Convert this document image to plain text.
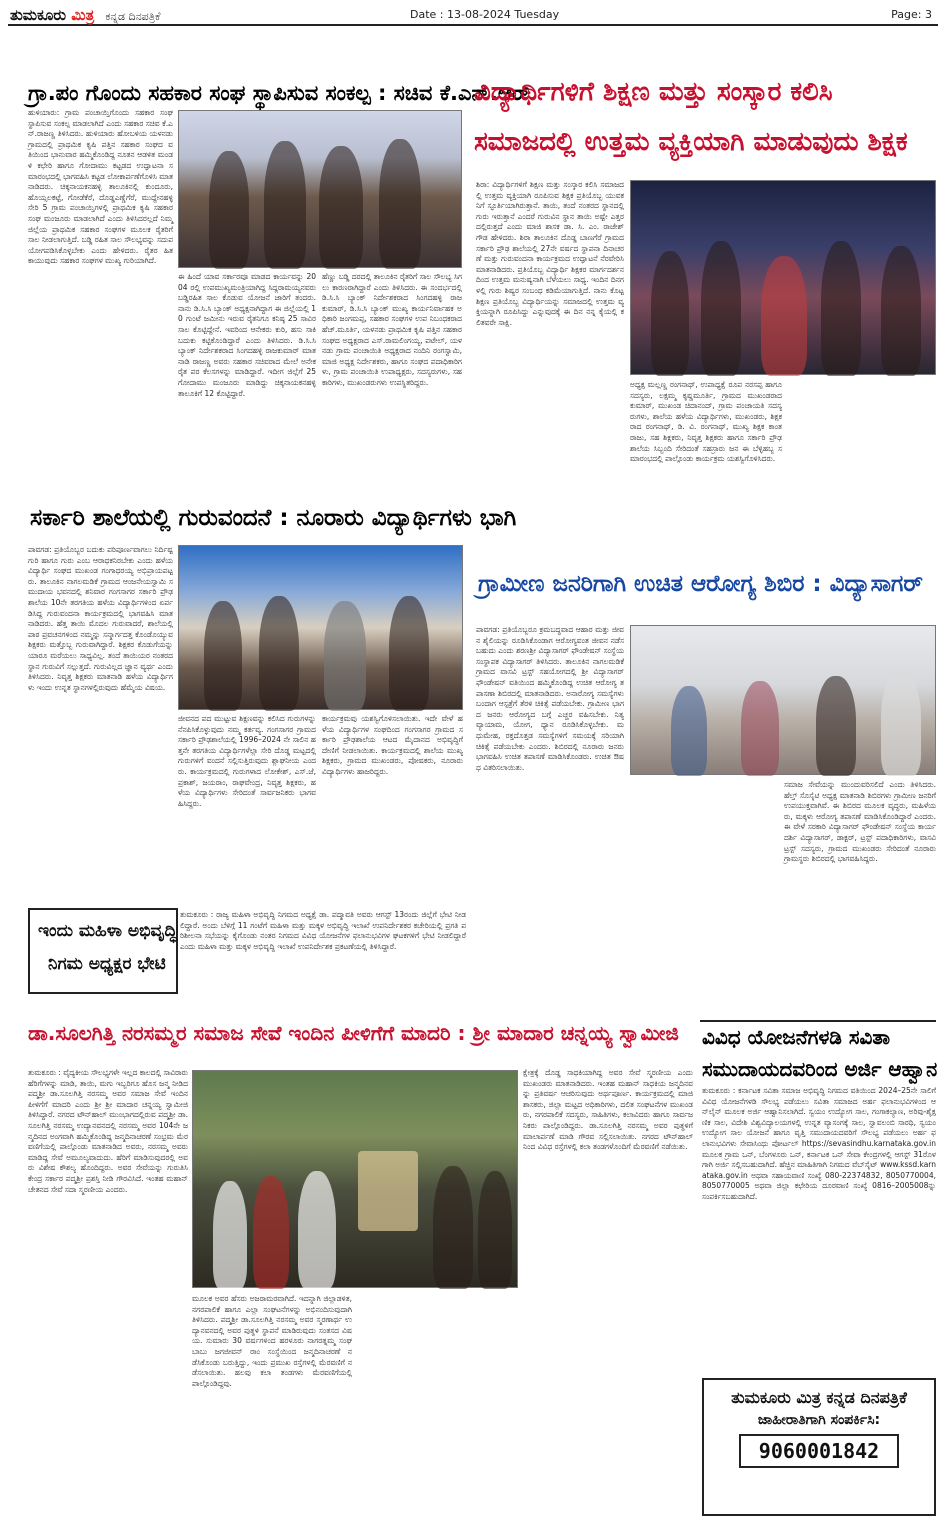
ತುಮಕೂರು ಮಿತ್ರ ಕನ್ನಡ ದಿನಪತ್ರಿಕೆ	Date : 13-08-2024 Tuesday	Page: 3
ಗ್ರಾ.ಪಂ ಗೊಂದು ಸಹಕಾರ ಸಂಘ ಸ್ಥಾಪಿಸುವ ಸಂಕಲ್ಪ : ಸಚಿವ ಕೆ.ಎನ್.ಆರ್
ಹುಳಿಯಾರು: ಗ್ರಾಮ ಪಂಚಾಯ್ತಿಗೊಂದು ಸಹಕಾರ ಸಂಘ ಸ್ಥಾಪಿಸುವ ಸಂಕಲ್ಪ ಮಾಡಲಾಗಿದೆ ಎಂದು ಸಹಕಾರ ಸಚಿವ ಕೆ.ಎನ್.ರಾಜಣ್ಣ ತಿಳಿಸಿದರು. ಹುಳಿಯಾರು ಹೋಬಳಿಯ ಯಳನಡು ಗ್ರಾಮದಲ್ಲಿ ಪ್ರಾಥಮಿಕ ಕೃಷಿ ಪತ್ತಿನ ಸಹಕಾರ ಸಂಘದ ವತಿಯಿಂದ ಭಾನುವಾರ ಹಮ್ಮಿಕೊಂಡಿದ್ದ ನೂತನ ಆಡಳಿತ ಮಂಡಳಿ ಕಛೇರಿ ಹಾಗೂ ಗೋದಾಮು ಕಟ್ಟಡದ ಉದ್ಘಾಟನಾ ಸಮಾರಂಭದಲ್ಲಿ ಭಾಗವಹಿಸಿ ಕಟ್ಟಡ ಲೋಕಾರ್ಪಣೆಗೊಳಿಸಿ ಮಾತನಾಡಿದರು. ಚಿಕ್ಕನಾಯಕನಹಳ್ಳಿ ತಾಲೂಕಿನಲ್ಲಿ ಕುಂದೂರು, ಹೊಯ್ಸಲಕಟ್ಟೆ, ಗೋಡೆಕೆರೆ, ದೊಡ್ಡಎಣ್ಣೆಗೆರೆ, ಮುದ್ದೇನಹಳ್ಳಿ ಸೇರಿ 5 ಗ್ರಾಮ ಪಂಚಾಯ್ತಿಗಳಲ್ಲಿ ಪ್ರಾಥಮಿಕ ಕೃಷಿ ಸಹಕಾರ ಸಂಘ ಮಂಜೂರು ಮಾಡಲಾಗಿದೆ ಎಂದು ತಿಳಿಸಿದರಲ್ಲದೆ ನಿಮ್ಮ ಜಿಲ್ಲೆಯ ಪ್ರಾಥಮಿಕ ಸಹಕಾರ ಸಂಘಗಳ ಮೂಲಕ ರೈತರಿಗೆ ಸಾಲ ನೀಡಲಾಗುತ್ತಿದೆ. ಬಡ್ಡಿ ರಹಿತ ಸಾಲ ಸೌಲಭ್ಯವನ್ನು ಸದುಪಯೋಗಪಡಿಸಿಕೊಳ್ಳಬೇಕು ಎಂದು ಹೇಳಿದರು. ರೈತರ ಹಿತ ಕಾಯುವುದು ಸಹಕಾರ ಸಂಘಗಳ ಮುಖ್ಯ ಗುರಿಯಾಗಿದೆ.
ಈ ಹಿಂದೆ ಯಾವ ಸರ್ಕಾರವೂ ಮಾಡದ ಕಾರ್ಯವನ್ನು 2004 ರಲ್ಲಿ ಉಪಮುಖ್ಯಮಂತ್ರಿಯಾಗಿದ್ದ ಸಿದ್ದರಾಮಯ್ಯನವರು ಬಡ್ಡಿರಹಿತ ಸಾಲ ಕೊಡುವ ಯೋಜನೆ ಜಾರಿಗೆ ತಂದರು. ನಾನು ಡಿ.ಸಿ.ಸಿ ಬ್ಯಾಂಕ್ ಅಧ್ಯಕ್ಷನಾಗಿದ್ದಾಗ ಈ ಜಿಲ್ಲೆಯಲ್ಲಿ 10 ಗುಂಟೆ ಜಮೀನು ಇರುವ ರೈತನಿಗೂ ಕನಿಷ್ಠ 25 ಸಾವಿರ ಸಾಲ ಕೊಟ್ಟಿದ್ದೇನೆ. ಇವರಿಂದ ಆನೇಕರು ಕುರಿ, ಹಸು ಸಾಕಿ ಬದುಕು ಕಟ್ಟಿಕೊಂಡಿದ್ದಾರೆ ಎಂದು ತಿಳಿಸಿದರು. ಡಿ.ಸಿ.ಸಿ ಬ್ಯಾಂಕ್ ನಿರ್ದೇಶಕರಾದ ಸಿಂಗದಹಳ್ಳಿ ರಾಜಕುಮಾರ್ ಮಾತನಾಡಿ ರಾಜಣ್ಣ ಅವರು ಸಹಕಾರ ಸಚಿವರಾದ ಮೇಲೆ ಅನೇಕ ರೈತ ಪರ ಕೆಲಸಗಳನ್ನು ಮಾಡಿದ್ದಾರೆ. ಇದೀಗ ಜಿಲ್ಲೆಗೆ 25 ಗೋದಾಮು ಮಂಜೂರು ಮಾಡಿದ್ದು ಚಿಕ್ಕನಾಯಕನಹಳ್ಳಿ ತಾಲೂಕಿಗೆ 12 ಕೊಟ್ಟಿದ್ದಾರೆ.
ಹೆಣ್ಣು ಬಡ್ಡಿ ದರದಲ್ಲಿ ತಾಲೂಕಿನ ರೈತರಿಗೆ ಸಾಲ ಸೌಲಭ್ಯ ಸಿಗಲು ಕಾರಣರಾಗಿದ್ದಾರೆ ಎಂದು ತಿಳಿಸಿದರು. ಈ ಸಂದರ್ಭದಲ್ಲಿ ಡಿ.ಸಿ.ಸಿ ಬ್ಯಾಂಕ್ ನಿರ್ದೇಶಕರಾದ ಸಿಂಗದಹಳ್ಳಿ ರಾಜಕುಮಾರ್, ಡಿ.ಸಿ.ಸಿ ಬ್ಯಾಂಕ್ ಮುಖ್ಯ ಕಾರ್ಯನಿರ್ವಾಹಕ ಅಧಿಕಾರಿ ಜಂಗಮಪ್ಪ, ಸಹಕಾರ ಸಂಘಗಳ ಉಪ ನಿಬಂಧಕರಾದ ಹೆಚ್.ಮೂರ್ತಿ, ಯಳನಡು ಪ್ರಾಥಮಿಕ ಕೃಷಿ ಪತ್ತಿನ ಸಹಕಾರ ಸಂಘದ ಅಧ್ಯಕ್ಷರಾದ ಎಸ್.ರಾಮಲಿಂಗಯ್ಯ, ಪಟೇಲ್, ಯಳನಡು ಗ್ರಾಮ ಪಂಚಾಯಿತಿ ಅಧ್ಯಕ್ಷರಾದ ನಂದಿನಿ ರಂಗಸ್ವಾಮಿ, ಮಾಜಿ ಅಧ್ಯಕ್ಷ ನಿರ್ದೇಶಕರು, ಹಾಗೂ ಸಂಘದ ಪದಾಧಿಕಾರಿಗಳು, ಗ್ರಾಮ ಪಂಚಾಯಿತಿ ಉಪಾಧ್ಯಕ್ಷರು, ಸದಸ್ಯರುಗಳು, ಸಹಕಾರಿಗಳು, ಮುಖಂಡರುಗಳು ಉಪಸ್ಥಿತರಿದ್ದರು.
ವಿದ್ಯಾರ್ಥಿಗಳಿಗೆ ಶಿಕ್ಷಣ ಮತ್ತು ಸಂಸ್ಕಾರ ಕಲಿಸಿ
ಸಮಾಜದಲ್ಲಿ ಉತ್ತಮ ವ್ಯಕ್ತಿಯಾಗಿ ಮಾಡುವುದು ಶಿಕ್ಷಕ
ಶಿರಾ: ವಿದ್ಯಾರ್ಥಿಗಳಿಗೆ ಶಿಕ್ಷಣ ಮತ್ತು ಸಂಸ್ಕಾರ ಕಲಿಸಿ ಸಮಾಜದಲ್ಲಿ ಉತ್ತಮ ವ್ಯಕ್ತಿಯಾಗಿ ರೂಪಿಸುವ ಶಿಕ್ಷಕ ಪ್ರತಿಯೊಬ್ಬ ಯುವಕನಿಗೆ ಸ್ಫೂರ್ತಿಯಾಗಿರುತ್ತಾನೆ. ತಾಯಿ, ತಂದೆ ನಂತರದ ಸ್ಥಾನದಲ್ಲಿ ಗುರು ಇರುತ್ತಾನೆ ಎಂದರೆ ಗುರುವಿನ ಸ್ಥಾನ ತಾಯಿ ಅಷ್ಟೇ ಎತ್ತರದಲ್ಲಿರುತ್ತದೆ ಎಂದು ಮಾಜಿ ಶಾಸಕ ಡಾ. ಸಿ. ಎಂ. ರಾಜೇಶ್ ಗೌಡ ಹೇಳಿದರು. ಶಿರಾ ತಾಲೂಕಿನ ದೊಡ್ಡ ಬಾಣಗೆರೆ ಗ್ರಾಮದ ಸರ್ಕಾರಿ ಪ್ರೌಢ ಶಾಲೆಯಲ್ಲಿ 27ನೇ ವರ್ಷದ ಸ್ಥಾಪನಾ ದಿನಾಚರಣೆ ಮತ್ತು ಗುರುವಂದನಾ ಕಾರ್ಯಕ್ರಮದ ಉದ್ಘಾಟನೆ ನೆರವೇರಿಸಿ ಮಾತನಾಡಿದರು. ಪ್ರತಿಯೊಬ್ಬ ವಿದ್ಯಾರ್ಥಿ ಶಿಕ್ಷಕರ ಮಾರ್ಗದರ್ಶನದಿಂದ ಉತ್ತಮ ಮನುಷ್ಯನಾಗಿ ಬೆಳೆಯಲು ಸಾಧ್ಯ. ಇಂದಿನ ದಿನಗಳಲ್ಲಿ ಗುರು ಶಿಷ್ಯರ ಸಂಬಂಧ ಕಡಿಮೆಯಾಗುತ್ತಿದೆ. ನಾನು ಕೊಟ್ಟ ಶಿಕ್ಷಣ ಪ್ರತಿಯೊಬ್ಬ ವಿದ್ಯಾರ್ಥಿಯನ್ನು ಸಮಾಜದಲ್ಲಿ ಉತ್ತಮ ವ್ಯಕ್ತಿಯನ್ನಾಗಿ ರೂಪಿಸಿದ್ದು ಎನ್ನುವುದಕ್ಕೆ ಈ ದಿನ ನನ್ನ ಕೈಯಲ್ಲಿ ಕಲಿತವರೇ ಸಾಕ್ಷಿ.
ಅಧ್ಯಕ್ಷ ಮಲ್ಲಣ್ಣ ರಂಗನಾಥ್, ಉಪಾಧ್ಯಕ್ಷೆ ರೂಪ ನರಸಪ್ಪ ಹಾಗೂ ಸದಸ್ಯರು, ಲಕ್ಷಮ್ಮ ಕೃಷ್ಣಮೂರ್ತಿ, ಗ್ರಾಮದ ಮುಖಂಡರಾದ ಕುಮಾರ್, ಮುಖಂಡ ಚಿದಾನಂದ್, ಗ್ರಾಮ ಪಂಚಾಯತಿ ಸದಸ್ಯರುಗಳು, ಶಾಲೆಯ ಹಳೆಯ ವಿದ್ಯಾರ್ಥಿಗಳು, ಮುಖಂಡರು, ಶಿಕ್ಷಕರಾದ ರಂಗನಾಥ್, ಡಿ. ವಿ. ರಂಗನಾಥ್, ಮುಖ್ಯ ಶಿಕ್ಷಕ ಕಾಂತರಾಜು, ಸಹ ಶಿಕ್ಷಕರು, ನಿವೃತ್ತ ಶಿಕ್ಷಕರು ಹಾಗೂ ಸರ್ಕಾರಿ ಪ್ರೌಢಶಾಲೆಯ ಸಿಬ್ಬಂದಿ ಸೇರಿದಂತೆ ಸಹಸ್ರಾರು ಜನ ಈ ಬೆಳ್ಳಿಹಬ್ಬ ಸಮಾರಂಭದಲ್ಲಿ ಪಾಲ್ಗೊಂಡು ಕಾರ್ಯಕ್ರಮ ಯಶಸ್ವಿಗೊಳಿಸಿದರು.
ಸರ್ಕಾರಿ ಶಾಲೆಯಲ್ಲಿ ಗುರುವಂದನೆ : ನೂರಾರು ವಿದ್ಯಾರ್ಥಿಗಳು ಭಾಗಿ
ಪಾವಗಡ: ಪ್ರತಿಯೊಬ್ಬರ ಬದುಕು ಪರಿಪೂರ್ಣವಾಗಲು ನಿರ್ದಿಷ್ಟ ಗುರಿ ಹಾಗೂ ಗುರು ಎಂಬ ಆರಾಧಕನಿರಬೇಕು ಎಂದು ಹಳೆಯ ವಿದ್ಯಾರ್ಥಿ ಸಂಘದ ಮುಖಂಡ ಗಂಗಾಧರಯ್ಯ ಅಭಿಪ್ರಾಯಪಟ್ಟರು. ತಾಲೂಕಿನ ನಾಗಲಮಡಿಕೆ ಗ್ರಾಮದ ಆಂಜನೇಯಸ್ವಾಮಿ ಸಮುದಾಯ ಭವನದಲ್ಲಿ ಶನಿವಾರ ಗಂಗಸಾಗರ ಸರ್ಕಾರಿ ಪ್ರೌಢಶಾಲೆಯ 10ನೇ ತರಗತಿಯ ಹಳೆಯ ವಿದ್ಯಾರ್ಥಿಗಳಿಂದ ಏರ್ಪಡಿಸಿದ್ದ ಗುರುವಂದನಾ ಕಾರ್ಯಕ್ರಮದಲ್ಲಿ ಭಾಗವಹಿಸಿ ಮಾತನಾಡಿದರು. ಹೆತ್ತ ತಾಯಿ ಮೊದಲ ಗುರುವಾದರೆ, ಶಾಲೆಯಲ್ಲಿ ಪಾಠ ಪ್ರವಚನಗಳಿಂದ ನಮ್ಮನ್ನು ಸನ್ಮಾರ್ಗದತ್ತ ಕೊಂಡೊಯ್ಯುವ ಶಿಕ್ಷಕರು ಮತ್ತೊಬ್ಬ ಗುರುವಾಗಿದ್ದಾರೆ. ಶಿಕ್ಷಕರ ಕೊಡುಗೆಯನ್ನು ಯಾರೂ ಮರೆಯಲು ಸಾಧ್ಯವಿಲ್ಲ. ತಂದೆ ತಾಯಿಯರ ನಂತರದ ಸ್ಥಾನ ಗುರುವಿಗೆ ಸಲ್ಲುತ್ತದೆ. ಗುರುವಿಲ್ಲದ ಜ್ಞಾನ ವ್ಯರ್ಥ ಎಂದು ತಿಳಿಸಿದರು. ನಿವೃತ್ತ ಶಿಕ್ಷಕರು ಮಾತನಾಡಿ ಹಳೆಯ ವಿದ್ಯಾರ್ಥಿಗಳು ಇಂದು ಉನ್ನತ ಸ್ಥಾನಗಳಲ್ಲಿರುವುದು ಹೆಮ್ಮೆಯ ವಿಷಯ.
ಜೀವನದ ಪದ ಮುಟ್ಟುವ ಶಿಕ್ಷಣವನ್ನು ಕಲಿಸಿದ ಗುರುಗಳನ್ನು ನೆನಪಿಸಿಕೊಳ್ಳುವುದು ನಮ್ಮ ಕರ್ತವ್ಯ. ಗಂಗಸಾಗರ ಗ್ರಾಮದ ಸರ್ಕಾರಿ ಪ್ರೌಢಶಾಲೆಯಲ್ಲಿ 1996–2024 ನೇ ಸಾಲಿನ ಹತ್ತನೇ ತರಗತಿಯ ವಿದ್ಯಾರ್ಥಿಗಳೆಲ್ಲಾ ಸೇರಿ ದೊಡ್ಡ ಮಟ್ಟದಲ್ಲಿ ಗುರುಗಳಿಗೆ ವಂದನೆ ಸಲ್ಲಿಸುತ್ತಿರುವುದು ಶ್ಲಾಘನೀಯ ಎಂದರು. ಕಾರ್ಯಕ್ರಮದಲ್ಲಿ ಗುರುಗಳಾದ ಲೋಕೇಶ್, ಎಸ್.ಜೆ, ಪ್ರಕಾಶ್, ಜಯರಾಂ, ರಾಘವೇಂದ್ರ, ನಿವೃತ್ತ ಶಿಕ್ಷಕರು, ಹಳೆಯ ವಿದ್ಯಾರ್ಥಿಗಳು ಸೇರಿದಂತೆ ಸಾರ್ವಜನಿಕರು ಭಾಗವಹಿಸಿದ್ದರು.
ಕಾರ್ಯಕ್ರಮವು ಯಶಸ್ವಿಗೊಳಿಸಲಾಯಿತು. ಇದೇ ವೇಳೆ ಹಳೆಯ ವಿದ್ಯಾರ್ಥಿಗಳ ಸಂಘದಿಂದ ಗಂಗಸಾಗರ ಗ್ರಾಮದ ಸರ್ಕಾರಿ ಪ್ರೌಢಶಾಲೆಯ ಆಟದ ಮೈದಾನದ ಅಭಿವೃದ್ಧಿಗೆ ದೇಣಿಗೆ ನೀಡಲಾಯಿತು. ಕಾರ್ಯಕ್ರಮದಲ್ಲಿ ಶಾಲೆಯ ಮುಖ್ಯ ಶಿಕ್ಷಕರು, ಗ್ರಾಮದ ಮುಖಂಡರು, ಪೋಷಕರು, ನೂರಾರು ವಿದ್ಯಾರ್ಥಿಗಳು ಹಾಜರಿದ್ದರು.
ಗ್ರಾಮೀಣ ಜನರಿಗಾಗಿ ಉಚಿತ ಆರೋಗ್ಯ ಶಿಬಿರ : ವಿದ್ಯಾಸಾಗರ್
ಪಾವಗಡ: ಪ್ರತಿಯೊಬ್ಬರೂ ಕ್ರಮಬದ್ಧವಾದ ಆಹಾರ ಮತ್ತು ಜೀವನ ಶೈಲಿಯನ್ನು ರೂಡಿಸಿಕೊಂಡಾಗ ಆರೋಗ್ಯವಂತ ಜೀವನ ನಡೆಸಬಹುದು ಎಂದು ಶರಣಶ್ರೀ ವಿದ್ಯಾಸಾಗರ್ ಫೌಂಡೇಷನ್ ಸಂಸ್ಥೆಯ ಸಂಸ್ಥಾಪಕ ವಿದ್ಯಾಸಾಗರ್ ತಿಳಿಸಿದರು. ತಾಲೂಕಿನ ನಾಗಲಮಡಿಕೆ ಗ್ರಾಮದ ವಾಸವಿ ಟ್ರಸ್ಟ್ ಸಹಯೋಗದಲ್ಲಿ ಶ್ರೀ ವಿದ್ಯಾಸಾಗರ್ ಫೌಂಡೇಷನ್ ವತಿಯಿಂದ ಹಮ್ಮಿಕೊಂಡಿದ್ದ ಉಚಿತ ಆರೋಗ್ಯ ತಪಾಸಣಾ ಶಿಬಿರದಲ್ಲಿ ಮಾತನಾಡಿದರು. ಅನಾರೋಗ್ಯ ಸಮಸ್ಯೆಗಳು ಬಂದಾಗ ಆಸ್ಪತ್ರೆಗೆ ತೆರಳಿ ಚಿಕಿತ್ಸೆ ಪಡೆಯಬೇಕು. ಗ್ರಾಮೀಣ ಭಾಗದ ಜನರು ಆರೋಗ್ಯದ ಬಗ್ಗೆ ಎಚ್ಚರ ವಹಿಸಬೇಕು. ನಿತ್ಯ ವ್ಯಾಯಾಮ, ಯೋಗ, ಧ್ಯಾನ ರೂಡಿಸಿಕೊಳ್ಳಬೇಕು. ಮಧುಮೇಹ, ರಕ್ತದೊತ್ತಡ ಸಮಸ್ಯೆಗಳಿಗೆ ಸಮಯಕ್ಕೆ ಸರಿಯಾಗಿ ಚಿಕಿತ್ಸೆ ಪಡೆಯಬೇಕು ಎಂದರು. ಶಿಬಿರದಲ್ಲಿ ನೂರಾರು ಜನರು ಭಾಗವಹಿಸಿ ಉಚಿತ ತಪಾಸಣೆ ಮಾಡಿಸಿಕೊಂಡರು. ಉಚಿತ ಔಷಧ ವಿತರಿಸಲಾಯಿತು.
ಸಮಾಜ ಸೇವೆಯನ್ನು ಮುಂದುವರಿಸಲಿದೆ ಎಂದು ತಿಳಿಸಿದರು. ಹೆಲ್ತ್ ಸೊಸೈಟಿ ಅಧ್ಯಕ್ಷ ಮಾತನಾಡಿ ಶಿಬಿರಗಳು ಗ್ರಾಮೀಣ ಜನರಿಗೆ ಉಪಯುಕ್ತವಾಗಿವೆ. ಈ ಶಿಬಿರದ ಮೂಲಕ ವೃದ್ಧರು, ಮಹಿಳೆಯರು, ಮಕ್ಕಳು ಆರೋಗ್ಯ ತಪಾಸಣೆ ಮಾಡಿಸಿಕೊಂಡಿದ್ದಾರೆ ಎಂದರು. ಈ ವೇಳೆ ಸರಕಾರಿ ವಿದ್ಯಾಸಾಗರ್ ಫೌಂಡೇಷನ್ ಸಂಸ್ಥೆಯ ಕಾರ್ಯದರ್ಶಿ ವಿದ್ಯಾಸಾಗರ್, ಡಾಕ್ಟರ್, ಟ್ರಸ್ಟ್ ಪದಾಧಿಕಾರಿಗಳು, ವಾಸವಿ ಟ್ರಸ್ಟ್ ಸದಸ್ಯರು, ಗ್ರಾಮದ ಮುಖಂಡರು ಸೇರಿದಂತೆ ನೂರಾರು ಗ್ರಾಮಸ್ಥರು ಶಿಬಿರದಲ್ಲಿ ಭಾಗವಹಿಸಿದ್ದರು.
ಇಂದು ಮಹಿಳಾ ಅಭಿವೃದ್ಧಿ
ನಿಗಮ ಅಧ್ಯಕ್ಷರ ಭೇಟಿ
ತುಮಕೂರು : ರಾಜ್ಯ ಮಹಿಳಾ ಅಭಿವೃದ್ಧಿ ನಿಗಮದ ಅಧ್ಯಕ್ಷೆ ಡಾ. ಪದ್ಮಾವತಿ ಅವರು ಆಗಸ್ಟ್ 13ರಂದು ಜಿಲ್ಲೆಗೆ ಭೇಟಿ ನೀಡಲಿದ್ದಾರೆ. ಅಂದು ಬೆಳಿಗ್ಗೆ 11 ಗಂಟೆಗೆ ಮಹಿಳಾ ಮತ್ತು ಮಕ್ಕಳ ಅಭಿವೃದ್ಧಿ ಇಲಾಖೆ ಉಪನಿರ್ದೇಶಕರ ಕಚೇರಿಯಲ್ಲಿ ಪ್ರಗತಿ ಪರಿಶೀಲನಾ ಸಭೆಯನ್ನು ಕೈಗೊಂಡು ನಂತರ ನಿಗಮದ ವಿವಿಧ ಯೋಜನೆಗಳ ಫಲಾನುಭವಿಗಳ ಘಟಕಗಳಿಗೆ ಭೇಟಿ ನೀಡಲಿದ್ದಾರೆ ಎಂದು ಮಹಿಳಾ ಮತ್ತು ಮಕ್ಕಳ ಅಭಿವೃದ್ಧಿ ಇಲಾಖೆ ಉಪನಿರ್ದೇಶಕ ಪ್ರಕಟಣೆಯಲ್ಲಿ ತಿಳಿಸಿದ್ದಾರೆ.
ಡಾ.ಸೂಲಗಿತ್ತಿ ನರಸಮ್ಮರ ಸಮಾಜ ಸೇವೆ ಇಂದಿನ ಪೀಳಿಗೆಗೆ ಮಾದರಿ : ಶ್ರೀ ಮಾದಾರ ಚನ್ನಯ್ಯ ಸ್ವಾಮೀಜಿ
ತುಮಕೂರು : ವೈದ್ಯಕೀಯ ಸೌಲಭ್ಯಗಳೇ ಇಲ್ಲದ ಕಾಲದಲ್ಲಿ ಸಾವಿರಾರು ಹೆರಿಗೆಗಳನ್ನು ಮಾಡಿ, ತಾಯಿ, ಮಗು ಇಬ್ಬರಿಗೂ ಹೊಸ ಜನ್ಮ ನೀಡಿದ ಪದ್ಮಶ್ರೀ ಡಾ.ಸೂಲಗಿತ್ತಿ ನರಸಮ್ಮ ಅವರ ಸಮಾಜ ಸೇವೆ ಇಂದಿನ ಪೀಳಿಗೆಗೆ ಮಾದರಿ ಎಂದು ಶ್ರೀ ಶ್ರೀ ಮಾದಾರ ಚನ್ನಯ್ಯ ಸ್ವಾಮೀಜಿ ತಿಳಿಸಿದ್ದಾರೆ. ನಗರದ ಟೌನ್‌ಹಾಲ್ ಮುಂಭಾಗದಲ್ಲಿರುವ ಪದ್ಮಶ್ರೀ ಡಾ.ಸೂಲಗಿತ್ತಿ ನರಸಮ್ಮ ಉದ್ಯಾನವನದಲ್ಲಿ ನರಸಮ್ಮ ಅವರ 104ನೇ ಜನ್ಮದಿನದ ಅಂಗವಾಗಿ ಹಮ್ಮಿಕೊಂಡಿದ್ದ ಜನ್ಮದಿನಾಚರಣೆ ಸಂಭ್ರಮ ಮೆರವಣಿಗೆಯಲ್ಲಿ ಪಾಲ್ಗೊಂಡು ಮಾತನಾಡಿದ ಅವರು, ನರಸಮ್ಮ ಅವರು ಮಾಡಿದ್ದ ಸೇವೆ ಅಮೂಲ್ಯವಾದುದು. ಹೆರಿಗೆ ಮಾಡಿಸುವುದರಲ್ಲಿ ಅವರು ವಿಶೇಷ ಕೌಶಲ್ಯ ಹೊಂದಿದ್ದರು. ಅವರ ಸೇವೆಯನ್ನು ಗುರುತಿಸಿ ಕೇಂದ್ರ ಸರ್ಕಾರ ಪದ್ಮಶ್ರೀ ಪ್ರಶಸ್ತಿ ನೀಡಿ ಗೌರವಿಸಿದೆ. ಇಂತಹ ಮಹಾನ್ ಚೇತನದ ಸೇವೆ ಸದಾ ಸ್ಮರಣೀಯ ಎಂದರು.
ಮೂಲಕ ಅವರ ಹೆಸರು ಅಜರಾಮರವಾಗಿದೆ. ಇದನ್ನಾಗಿ ಜಿಲ್ಲಾಡಳಿತ, ನಗರಪಾಲಿಕೆ ಹಾಗೂ ಎಲ್ಲಾ ಸಂಘಟನೆಗಳನ್ನು ಅಭಿನಂದಿಸುವುದಾಗಿ ತಿಳಿಸಿದರು. ಪದ್ಮಶ್ರೀ ಡಾ.ಸೂಲಗಿತ್ತಿ ನರಸಮ್ಮ ಅವರ ಸ್ಮರಣಾರ್ಥ ಉದ್ಯಾನವನದಲ್ಲಿ ಅವರ ಪುತ್ಥಳಿ ಸ್ಥಾಪನೆ ಮಾಡಿರುವುದು ಸಂತಸದ ವಿಷಯ. ಸುಮಾರು 30 ವರ್ಷಗಳಿಂದ ಹರಳೂರು ನಾಗರತ್ನಮ್ಮ ಸಂಘ ಬಾಬು ಜಗಜೀವನ್ ರಾಂ ಸಂಸ್ಥೆಯಿಂದ ಜನ್ಮದಿನಾಚರಣೆ ನಡೆಸಿಕೊಂಡು ಬರುತ್ತಿದ್ದು, ಇಂದು ಪ್ರಮುಖ ರಸ್ತೆಗಳಲ್ಲಿ ಮೆರವಣಿಗೆ ನಡೆಸಲಾಯಿತು. ಹಲವು ಕಲಾ ತಂಡಗಳು ಮೆರವಣಿಗೆಯಲ್ಲಿ ಪಾಲ್ಗೊಂಡಿದ್ದವು.
ಕ್ಷೇತ್ರಕ್ಕೆ ದೊಡ್ಡ ಸಾಧಕಿಯಾಗಿದ್ದ ಅವರ ಸೇವೆ ಸ್ಮರಣೀಯ ಎಂದು ಮುಖಂಡರು ಮಾತನಾಡಿದರು. ಇಂತಹ ಮಹಾನ್ ಸಾಧಕಿಯ ಜನ್ಮದಿನವನ್ನು ಪ್ರತಿವರ್ಷ ಆಚರಿಸುವುದು ಅರ್ಥಪೂರ್ಣ. ಕಾರ್ಯಕ್ರಮದಲ್ಲಿ ಮಾಜಿ ಶಾಸಕರು, ಜಿಲ್ಲಾ ಮಟ್ಟದ ಅಧಿಕಾರಿಗಳು, ದಲಿತ ಸಂಘಟನೆಗಳ ಮುಖಂಡರು, ನಗರಪಾಲಿಕೆ ಸದಸ್ಯರು, ಸಾಹಿತಿಗಳು, ಕಲಾವಿದರು ಹಾಗೂ ಸಾರ್ವಜನಿಕರು ಪಾಲ್ಗೊಂಡಿದ್ದರು. ಡಾ.ಸೂಲಗಿತ್ತಿ ನರಸಮ್ಮ ಅವರ ಪುತ್ಥಳಿಗೆ ಮಾಲಾರ್ಪಣೆ ಮಾಡಿ ಗೌರವ ಸಲ್ಲಿಸಲಾಯಿತು. ನಗರದ ಟೌನ್‌ಹಾಲ್ ನಿಂದ ವಿವಿಧ ರಸ್ತೆಗಳಲ್ಲಿ ಕಲಾ ತಂಡಗಳೊಂದಿಗೆ ಮೆರವಣಿಗೆ ನಡೆಯಿತು.
ವಿವಿಧ ಯೋಜನೆಗಳಡಿ ಸವಿತಾ
ಸಮುದಾಯದವರಿಂದ ಅರ್ಜಿ ಆಹ್ವಾನ
ತುಮಕೂರು : ಕರ್ನಾಟಕ ಸವಿತಾ ಸಮಾಜ ಅಭಿವೃದ್ಧಿ ನಿಗಮದ ವತಿಯಿಂದ 2024–25ನೇ ಸಾಲಿಗೆ ವಿವಿಧ ಯೋಜನೆಗಳಡಿ ಸೌಲಭ್ಯ ಪಡೆಯಲು ಸವಿತಾ ಸಮಾಜದ ಅರ್ಹ ಫಲಾನುಭವಿಗಳಿಂದ ಆನ್‌ಲೈನ್ ಮೂಲಕ ಅರ್ಜಿ ಆಹ್ವಾನಿಸಲಾಗಿದೆ. ಸ್ವಯಂ ಉದ್ಯೋಗ ಸಾಲ, ಗಂಗಾಕಲ್ಯಾಣ, ಅರಿವು-ಶೈಕ್ಷಣಿಕ ಸಾಲ, ವಿದೇಶಿ ವಿಶ್ವವಿದ್ಯಾಲಯಗಳಲ್ಲಿ ಉನ್ನತ ವ್ಯಾಸಂಗಕ್ಕೆ ಸಾಲ, ಸ್ವಾವಲಂಬಿ ಸಾರಥಿ, ಸ್ವಯಂ ಉದ್ಯೋಗ ಸಾಲ ಯೋಜನೆ ಹಾಗೂ ವೃತ್ತಿ ಸಮುದಾಯದವರಿಗೆ ಸೌಲಭ್ಯ ಪಡೆಯಲು ಅರ್ಹ ಫಲಾನುಭವಿಗಳು ಸೇವಾಸಿಂಧು ಪೋರ್ಟಲ್ https://sevasindhu.karnataka.gov.in ಮೂಲಕ ಗ್ರಾಮ ಒನ್, ಬೆಂಗಳೂರು ಒನ್, ಕರ್ನಾಟಕ ಒನ್ ಸೇವಾ ಕೇಂದ್ರಗಳಲ್ಲಿ ಆಗಸ್ಟ್ 31ರೊಳಗಾಗಿ ಅರ್ಜಿ ಸಲ್ಲಿಸಬಹುದಾಗಿದೆ. ಹೆಚ್ಚಿನ ಮಾಹಿತಿಗಾಗಿ ನಿಗಮದ ವೆಬ್‌ಸೈಟ್ www.kssd.karnataka.gov.in ಅಥವಾ ಸಹಾಯವಾಣಿ ಸಂಖ್ಯೆ 080-22374832, 8050770004, 8050770005 ಅಥವಾ ಜಿಲ್ಲಾ ಕಛೇರಿಯ ದೂರವಾಣಿ ಸಂಖ್ಯೆ 0816–2005008ನ್ನು ಸಂಪರ್ಕಿಸಬಹುದಾಗಿದೆ.
ತುಮಕೂರು ಮಿತ್ರ ಕನ್ನಡ ದಿನಪತ್ರಿಕೆ
ಜಾಹೀರಾತಿಗಾಗಿ ಸಂಪರ್ಕಿಸಿ:
9060001842
